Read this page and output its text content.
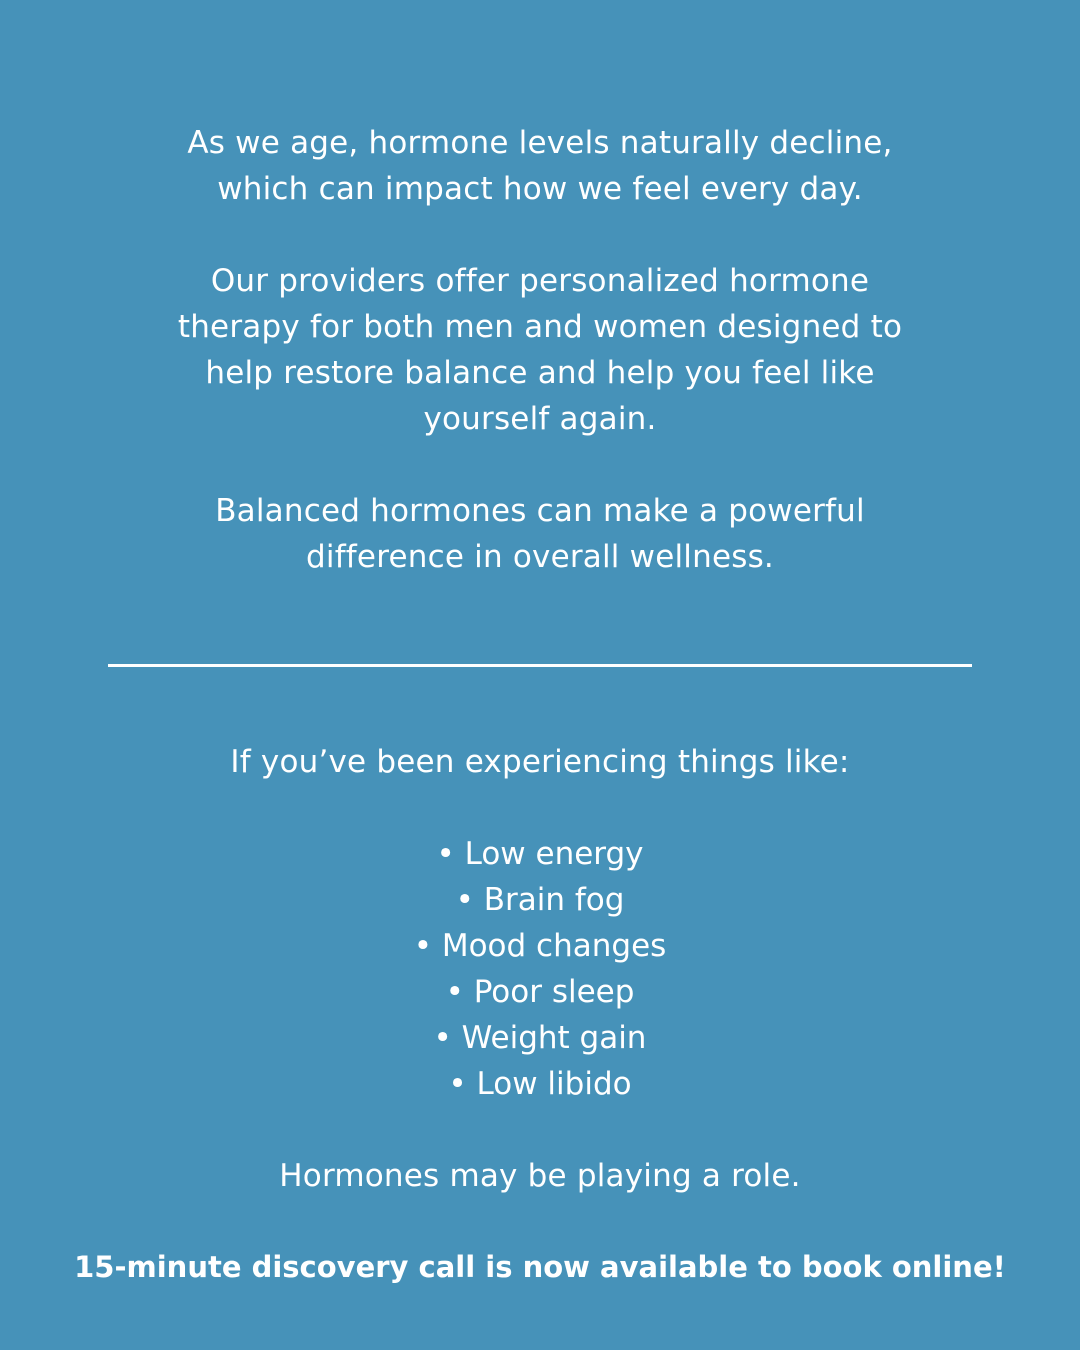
As we age, hormone levels naturally decline,
which can impact how we feel every day.

Our providers offer personalized hormone
therapy for both men and women designed to
help restore balance and help you feel like
yourself again.

Balanced hormones can make a powerful
difference in overall wellness.

If you’ve been experiencing things like:

• Low energy
• Brain fog
• Mood changes
• Poor sleep
• Weight gain
• Low libido

Hormones may be playing a role.

15-minute discovery call is now available to book online!
